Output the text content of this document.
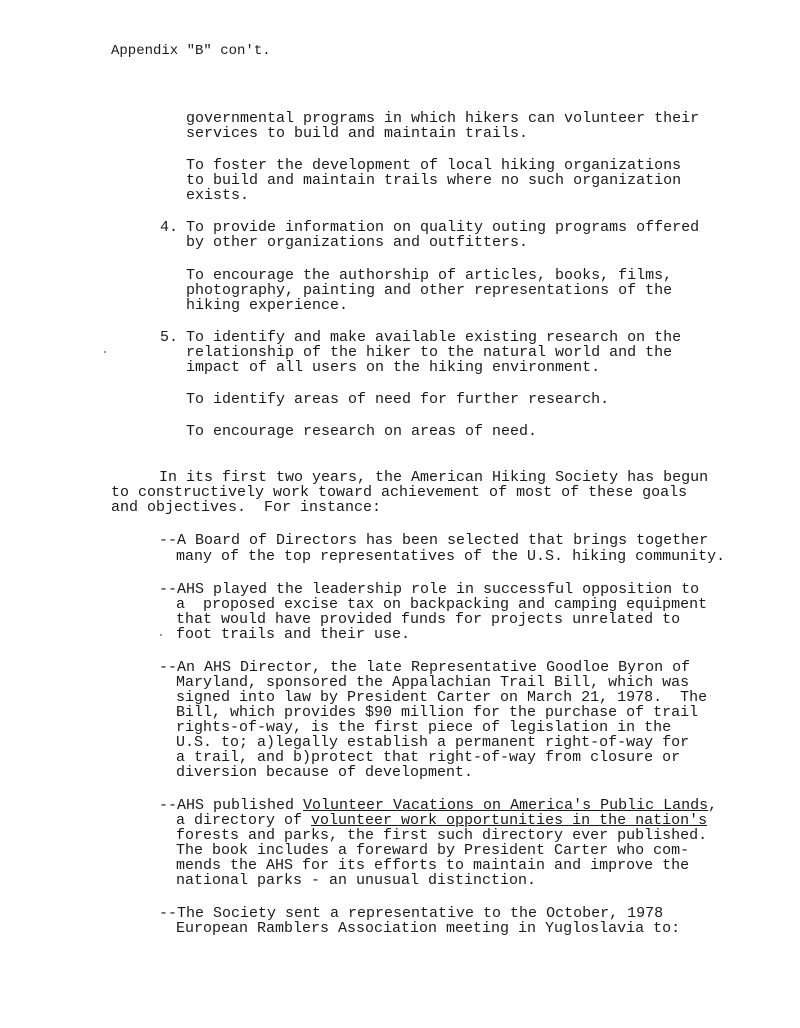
Appendix "B" con't.
governmental programs in which hikers can volunteer their
services to build and maintain trails.
To foster the development of local hiking organizations
to build and maintain trails where no such organization
exists.
4. To provide information on quality outing programs offered
by other organizations and outfitters.
To encourage the authorship of articles, books, films,
photography, painting and other representations of the
hiking experience.
5. To identify and make available existing research on the
relationship of the hiker to the natural world and the
impact of all users on the hiking environment.
To identify areas of need for further research.
To encourage research on areas of need.
In its first two years, the American Hiking Society has begun
to constructively work toward achievement of most of these goals
and objectives.  For instance:
--A Board of Directors has been selected that brings together
many of the top representatives of the U.S. hiking community.
--AHS played the leadership role in successful opposition to
a  proposed excise tax on backpacking and camping equipment
that would have provided funds for projects unrelated to
foot trails and their use.
--An AHS Director, the late Representative Goodloe Byron of
Maryland, sponsored the Appalachian Trail Bill, which was
signed into law by President Carter on March 21, 1978.  The
Bill, which provides $90 million for the purchase of trail
rights-of-way, is the first piece of legislation in the
U.S. to; a)legally establish a permanent right-of-way for
a trail, and b)protect that right-of-way from closure or
diversion because of development.
--AHS published Volunteer Vacations on America's Public Lands,
a directory of volunteer work opportunities in the nation's
forests and parks, the first such directory ever published.
The book includes a foreward by President Carter who com-
mends the AHS for its efforts to maintain and improve the
national parks - an unusual distinction.
--The Society sent a representative to the October, 1978
European Ramblers Association meeting in Yugloslavia to:
